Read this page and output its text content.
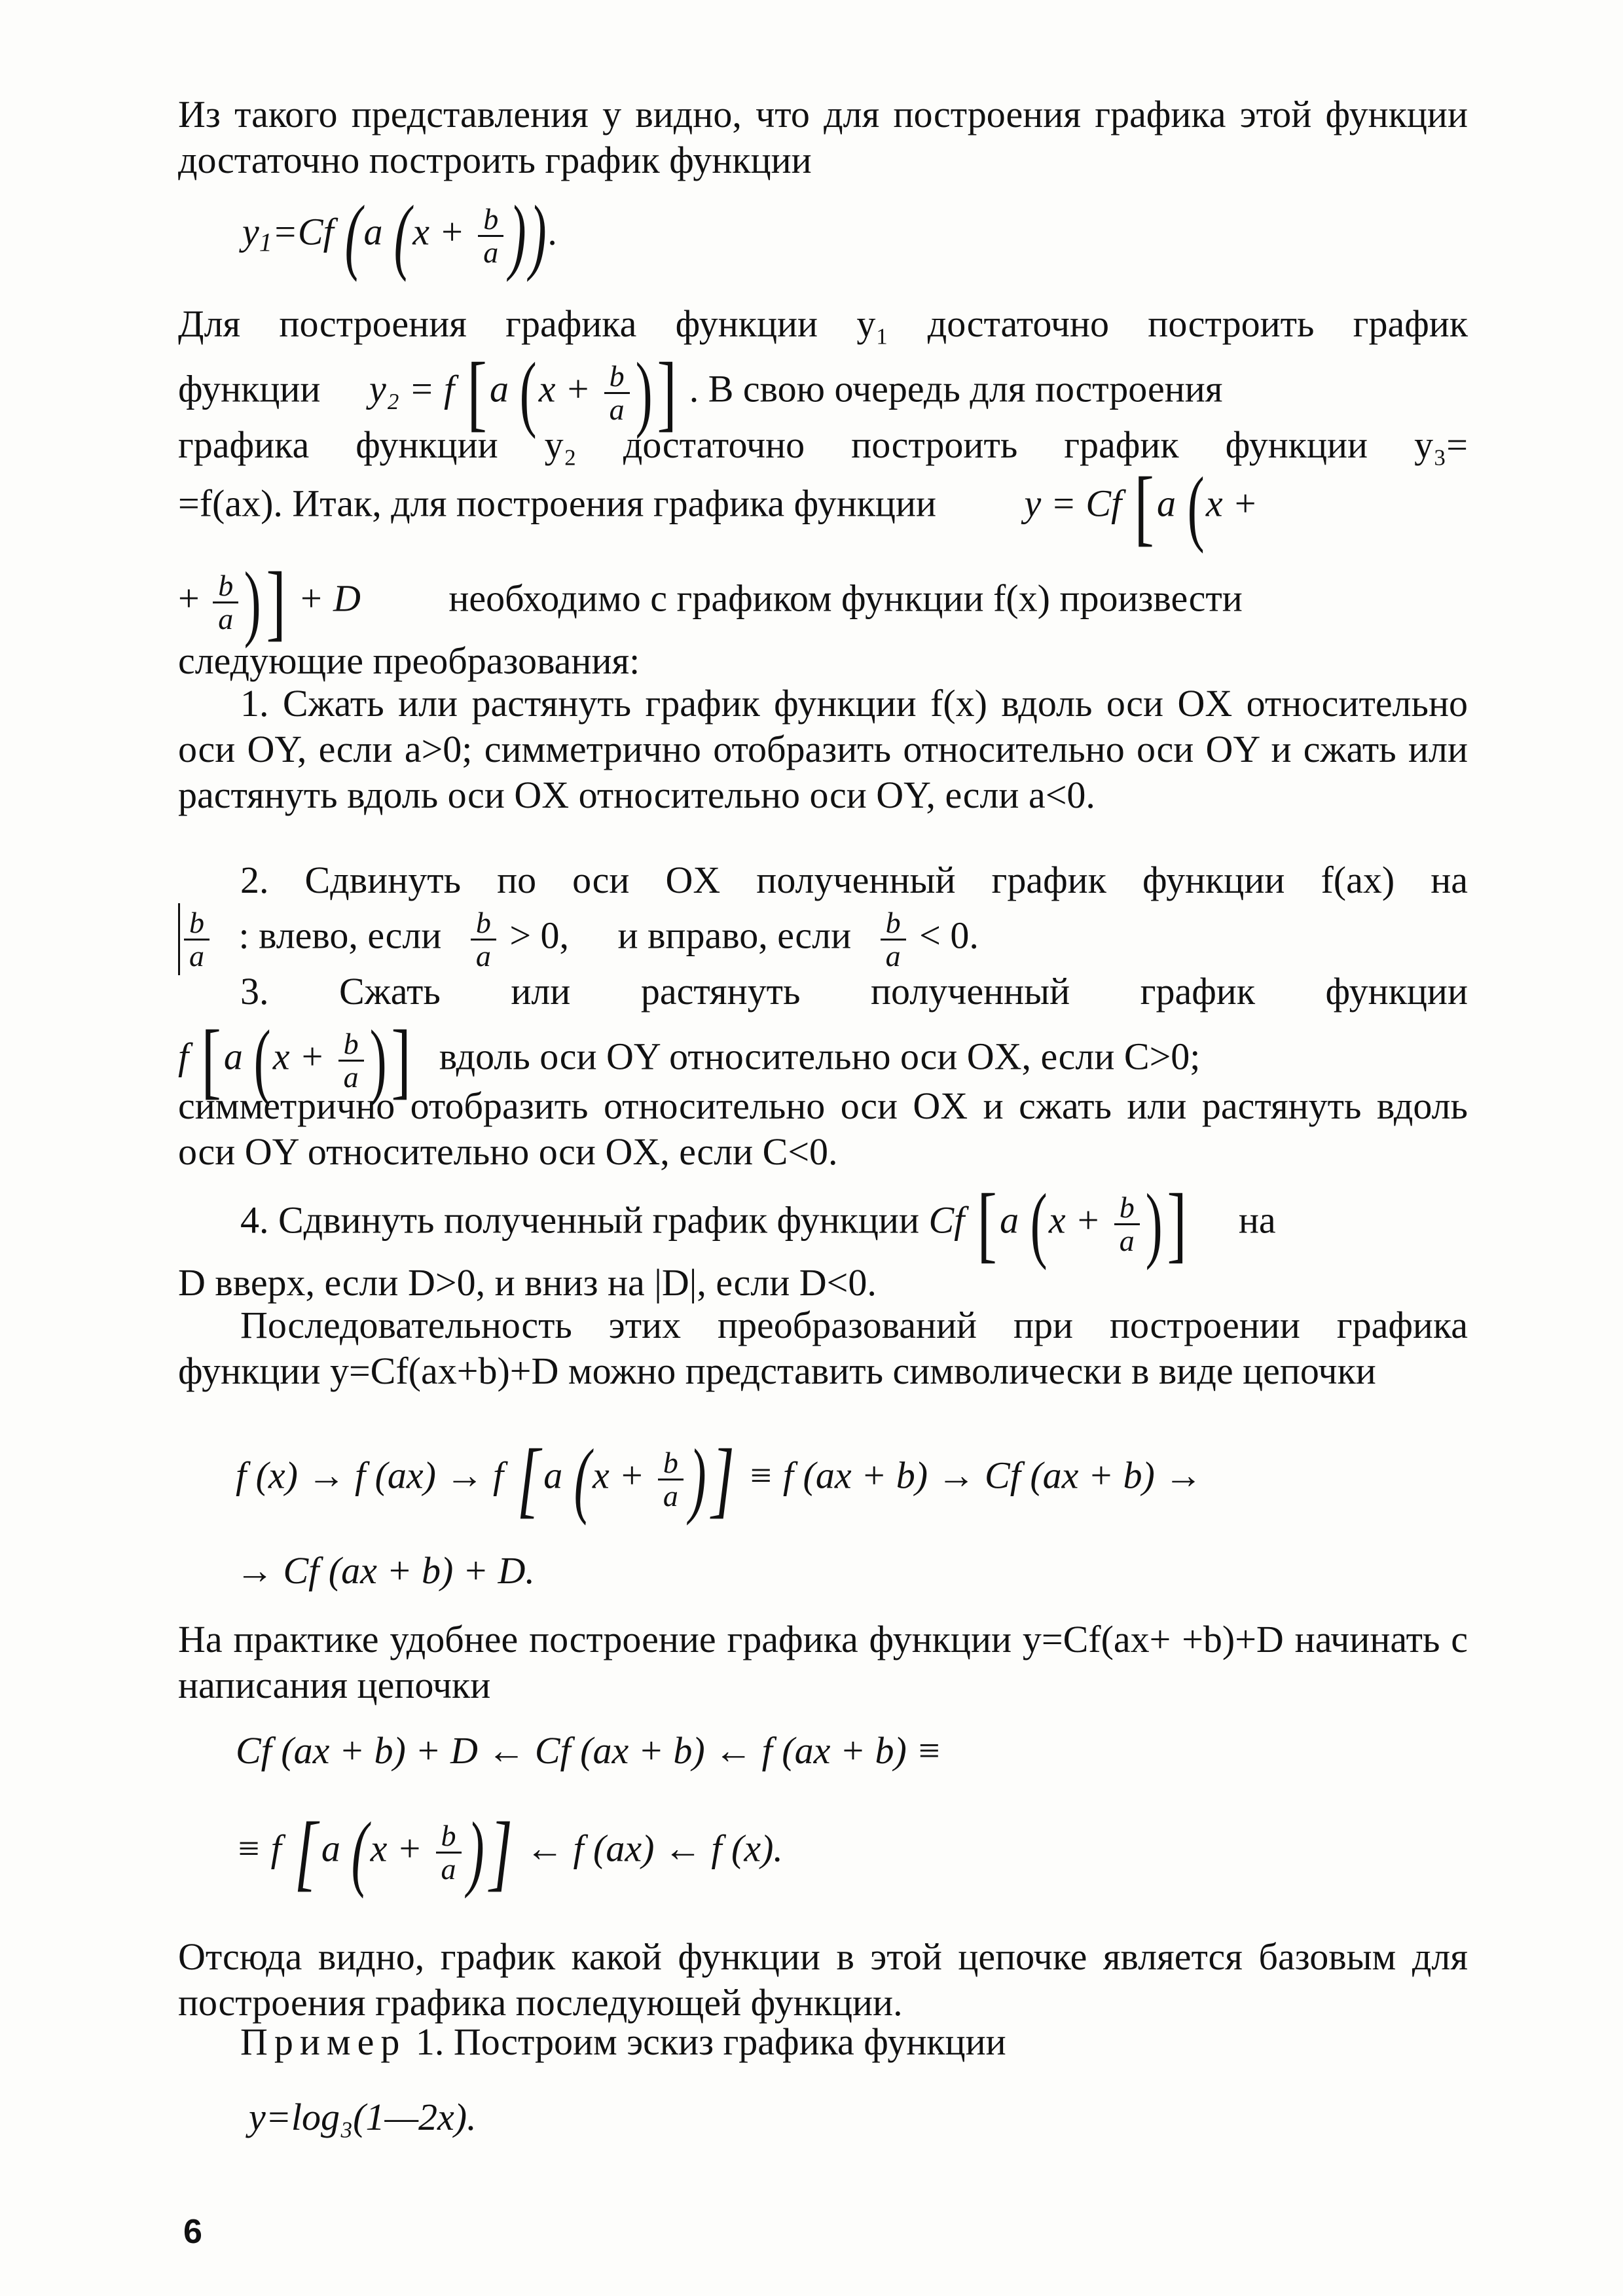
Из такого представления y видно, что для построения графика этой функции достаточно построить график функции
$y_1=Cf$ (a ($x + \frac{b}{a}$ )).
Для построения графика функции y₁ достаточно построить график
функции y₂ = f [a ($x + \frac{b}{a}$ )] . В свою очередь для построения
графика функции y₂ достаточно построить график функции y₃=
=f(ax). Итак, для построения графика функции y = Cf [a (x +
+ $\frac{b}{a}$ )] + D необходимо с графиком функции f(x) произвести
следующие преобразования:
1. Сжать или растянуть график функции f(x) вдоль оси OX относительно оси OY, если a>0; симметрично отобразить относительно оси OY и сжать или растянуть вдоль оси OX относительно оси OY, если a<0.
2. Сдвинуть по оси OX полученный график функции f(ax) на
$\frac{b}{a}$ : влево, если $\frac{b}{a} > 0$, и вправо, если $\frac{b}{a} < 0$.
3. Сжать или растянуть полученный график функции
f [a ($x + \frac{b}{a}$ )] вдоль оси OY относительно оси OX, если C>0;
симметрично отобразить относительно оси OX и сжать или растянуть вдоль оси OY относительно оси OX, если C<0.
4. Сдвинуть полученный график функции Cf [a ($x + \frac{b}{a}$ )] на
D вверх, если D>0, и вниз на |D|, если D<0.
Последовательность этих преобразований при построении графика функции y=Cf(ax+b)+D можно представить символически в виде цепочки
f (x) → f (ax) → f [a ($x + \frac{b}{a}$ )] ≡ f (ax + b) → Cf (ax + b) →
→ Cf (ax + b) + D.
На практике удобнее построение графика функции y=Cf(ax+ +b)+D начинать с написания цепочки
Cf (ax + b) + D ← Cf (ax + b) ← f (ax + b) ≡
≡ f [a ($x + \frac{b}{a}$ )] ← f (ax) ← f (x).
Отсюда видно, график какой функции в этой цепочке является базовым для построения графика последующей функции.
Пример 1. Построим эскиз графика функции
y=log₃(1—2x).
6
